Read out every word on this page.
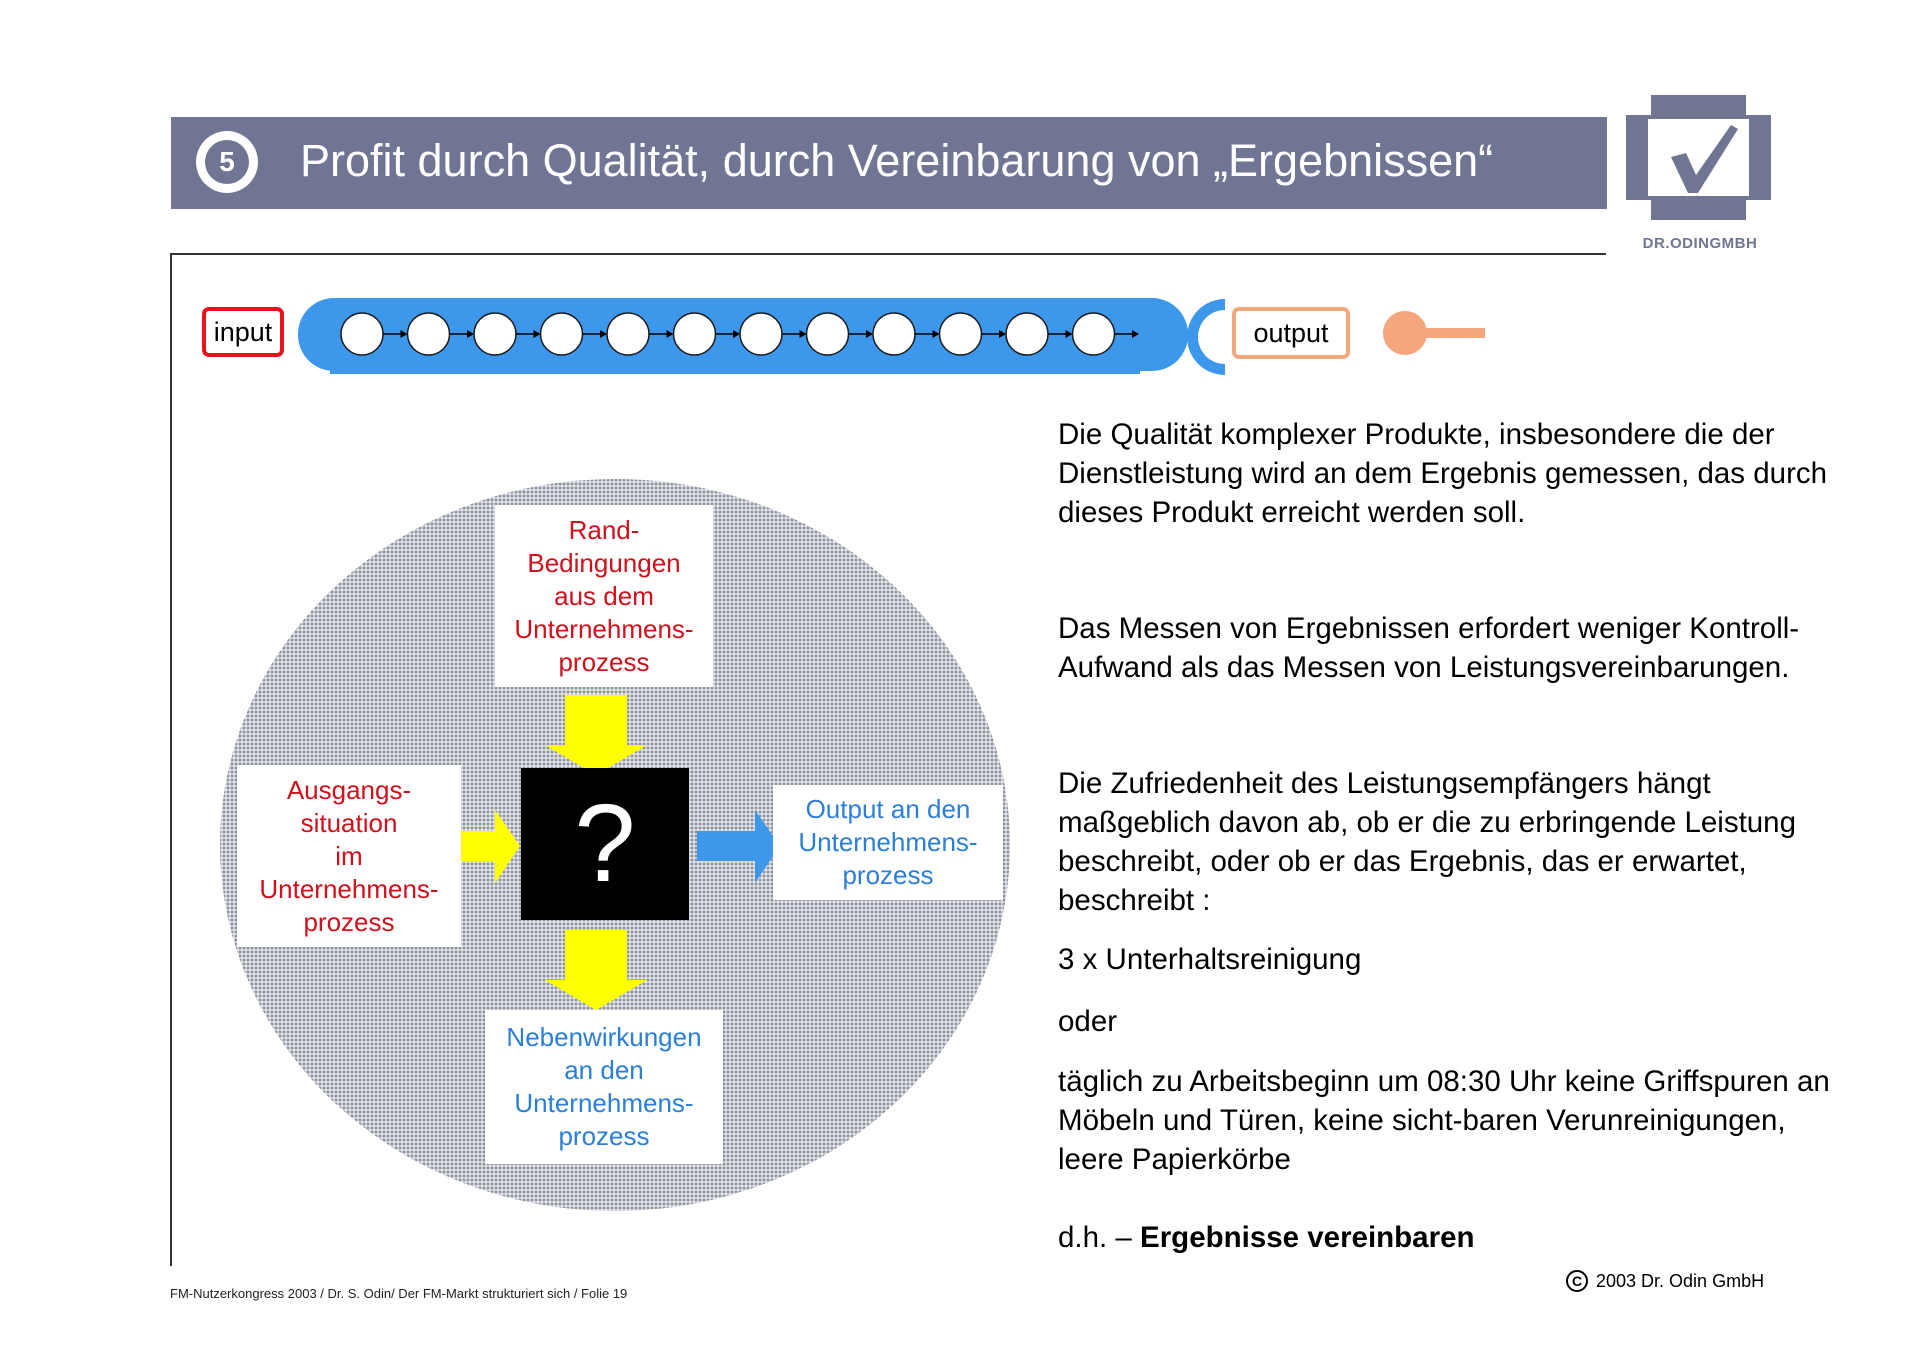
5	Profit durch Qualität, durch Vereinbarung von „Ergebnissen“
DR.ODINGMBH
input	output
Rand-
Bedingungen
aus dem
Unternehmens-
prozess
Ausgangs-
situation
im
Unternehmens-
prozess
Output an den
Unternehmens-
prozess
Nebenwirkungen
an den
Unternehmens-
prozess
?

Die Qualität komplexer Produkte, insbesondere die der Dienstleistung wird an dem Ergebnis gemessen, das durch dieses Produkt erreicht werden soll.

Das Messen von Ergebnissen erfordert weniger Kontroll-Aufwand als das Messen von Leistungsvereinbarungen.

Die Zufriedenheit des Leistungsempfängers hängt maßgeblich davon ab, ob er die zu erbringende Leistung beschreibt, oder ob er das Ergebnis, das er erwartet, beschreibt :

3 x Unterhaltsreinigung

oder

täglich zu Arbeitsbeginn um 08:30 Uhr keine Griffspuren an Möbeln und Türen, keine sicht-baren Verunreinigungen, leere Papierkörbe

d.h. – Ergebnisse vereinbaren

FM-Nutzerkongress 2003 / Dr. S. Odin/ Der FM-Markt strukturiert sich / Folie 19
C 2003 Dr. Odin GmbH
